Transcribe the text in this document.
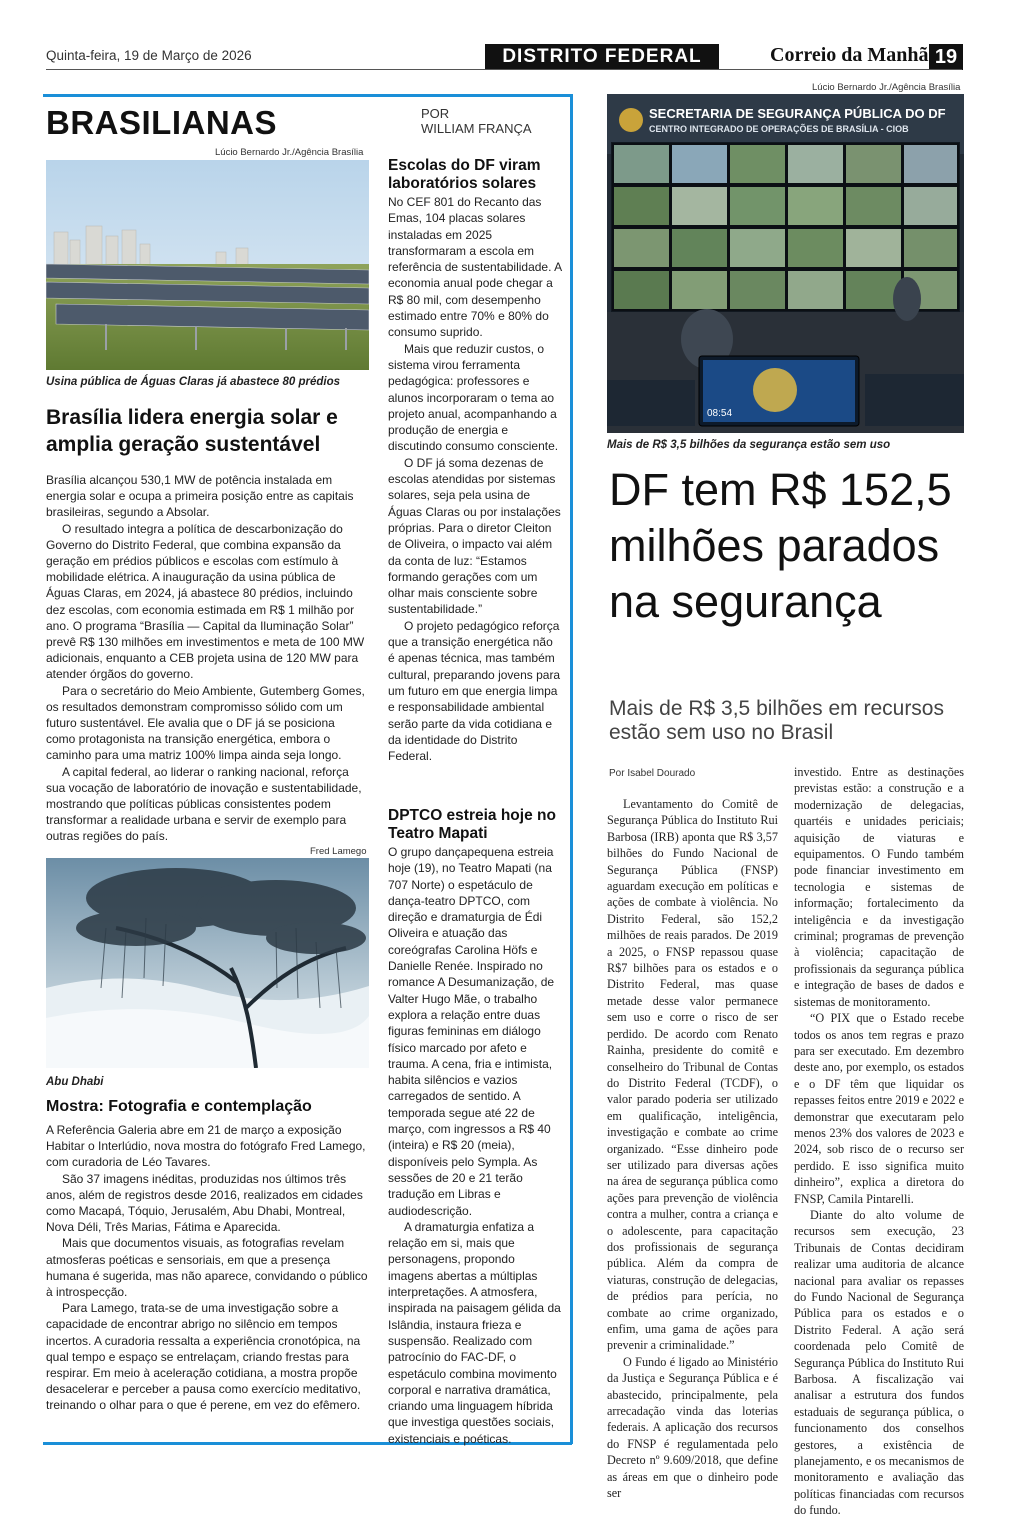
Quinta-feira, 19 de Março de 2026	DISTRITO FEDERAL	Correio da Manhã 19
BRASILIANAS	POR
WILLIAM FRANÇA
Lúcio Bernardo Jr./Agência Brasília
Usina pública de Águas Claras já abastece 80 prédios
Brasília lidera energia solar e amplia geração sustentável

Brasília alcançou 530,1 MW de potência instalada em energia solar e ocupa a primeira posição entre as capitais brasileiras, segundo a Absolar.

O resultado integra a política de descarbonização do Governo do Distrito Federal, que combina expansão da geração em prédios públicos e escolas com estímulo à mobilidade elétrica. A inauguração da usina pública de Águas Claras, em 2024, já abastece 80 prédios, incluindo dez escolas, com economia estimada em R$ 1 milhão por ano. O programa “Brasília — Capital da Iluminação Solar” prevê R$ 130 milhões em investimentos e meta de 100 MW adicionais, enquanto a CEB projeta usina de 120 MW para atender órgãos do governo.

Para o secretário do Meio Ambiente, Gutemberg Gomes, os resultados demonstram compromisso sólido com um futuro sustentável. Ele avalia que o DF já se posiciona como protagonista na transição energética, embora o caminho para uma matriz 100% limpa ainda seja longo.

A capital federal, ao liderar o ranking nacional, reforça sua vocação de laboratório de inovação e sustentabilidade, mostrando que políticas públicas consistentes podem transformar a realidade urbana e servir de exemplo para outras regiões do país.

Fred Lamego
Abu Dhabi
Mostra: Fotografia e contemplação

A Referência Galeria abre em 21 de março a exposição Habitar o Interlúdio, nova mostra do fotógrafo Fred Lamego, com curadoria de Léo Tavares.

São 37 imagens inéditas, produzidas nos últimos três anos, além de registros desde 2016, realizados em cidades como Macapá, Tóquio, Jerusalém, Abu Dhabi, Montreal, Nova Déli, Três Marias, Fátima e Aparecida.

Mais que documentos visuais, as fotografias revelam atmosferas poéticas e sensoriais, em que a presença humana é sugerida, mas não aparece, convidando o público à introspecção.

Para Lamego, trata-se de uma investigação sobre a capacidade de encontrar abrigo no silêncio em tempos incertos. A curadoria ressalta a experiência cronotópica, na qual tempo e espaço se entrelaçam, criando frestas para respirar. Em meio à aceleração cotidiana, a mostra propõe desacelerar e perceber a pausa como exercício meditativo, treinando o olhar para o que é perene, em vez do efêmero.

Escolas do DF viram laboratórios solares

No CEF 801 do Recanto das Emas, 104 placas solares instaladas em 2025 transformaram a escola em referência de sustentabilidade. A economia anual pode chegar a R$ 80 mil, com desempenho estimado entre 70% e 80% do consumo suprido.

Mais que reduzir custos, o sistema virou ferramenta pedagógica: professores e alunos incorporaram o tema ao projeto anual, acompanhando a produção de energia e discutindo consumo consciente.

O DF já soma dezenas de escolas atendidas por sistemas solares, seja pela usina de Águas Claras ou por instalações próprias. Para o diretor Cleiton de Oliveira, o impacto vai além da conta de luz: “Estamos formando gerações com um olhar mais consciente sobre sustentabilidade.”

O projeto pedagógico reforça que a transição energética não é apenas técnica, mas também cultural, preparando jovens para um futuro em que energia limpa e responsabilidade ambiental serão parte da vida cotidiana e da identidade do Distrito Federal.

DPTCO estreia hoje no Teatro Mapati

O grupo dançapequena estreia hoje (19), no Teatro Mapati (na 707 Norte) o espetáculo de dança-teatro DPTCO, com direção e dramaturgia de Édi Oliveira e atuação das coreógrafas Carolina Höfs e Danielle Renée. Inspirado no romance A Desumanização, de Valter Hugo Mãe, o trabalho explora a relação entre duas figuras femininas em diálogo físico marcado por afeto e trauma. A cena, fria e intimista, habita silêncios e vazios carregados de sentido. A temporada segue até 22 de março, com ingressos a R$ 40 (inteira) e R$ 20 (meia), disponíveis pelo Sympla. As sessões de 20 e 21 terão tradução em Libras e audiodescrição.

A dramaturgia enfatiza a relação em si, mais que personagens, propondo imagens abertas a múltiplas interpretações. A atmosfera, inspirada na paisagem gélida da Islândia, instaura frieza e suspensão. Realizado com patrocínio do FAC-DF, o espetáculo combina movimento corporal e narrativa dramática, criando uma linguagem híbrida que investiga questões sociais, existenciais e poéticas.

Lúcio Bernardo Jr./Agência Brasília
SECRETARIA DE SEGURANÇA PÚBLICA DO DF
CENTRO INTEGRADO DE OPERAÇÕES DE BRASÍLIA - CIOB
08:54
Mais de R$ 3,5 bilhões da segurança estão sem uso
DF tem R$ 152,5 milhões parados na segurança
Mais de R$ 3,5 bilhões em recursos estão sem uso no Brasil
Por Isabel Dourado

Levantamento do Comitê de Segurança Pública do Instituto Rui Barbosa (IRB) aponta que R$ 3,57 bilhões do Fundo Nacional de Segurança Pública (FNSP) aguardam execução em políticas e ações de combate à violência. No Distrito Federal, são 152,2 milhões de reais parados. De 2019 a 2025, o FNSP repassou quase R$7 bilhões para os estados e o Distrito Federal, mas quase metade desse valor permanece sem uso e corre o risco de ser perdido. De acordo com Renato Rainha, presidente do comitê e conselheiro do Tribunal de Contas do Distrito Federal (TCDF), o valor parado poderia ser utilizado em qualificação, inteligência, investigação e combate ao crime organizado. “Esse dinheiro pode ser utilizado para diversas ações na área de segurança pública como ações para prevenção de violência contra a mulher, contra a criança e o adolescente, para capacitação dos profissionais de segurança pública. Além da compra de viaturas, construção de delegacias, de prédios para perícia, no combate ao crime organizado, enfim, uma gama de ações para prevenir a criminalidade.”

O Fundo é ligado ao Ministério da Justiça e Segurança Pública e é abastecido, principalmente, pela arrecadação vinda das loterias federais. A aplicação dos recursos do FNSP é regulamentada pelo Decreto nº 9.609/2018, que define as áreas em que o dinheiro pode ser

investido. Entre as destinações previstas estão: a construção e a modernização de delegacias, quartéis e unidades periciais; aquisição de viaturas e equipamentos. O Fundo também pode financiar investimento em tecnologia e sistemas de informação; fortalecimento da inteligência e da investigação criminal; programas de prevenção à violência; capacitação de profissionais da segurança pública e integração de bases de dados e sistemas de monitoramento.

“O PIX que o Estado recebe todos os anos tem regras e prazo para ser executado. Em dezembro deste ano, por exemplo, os estados e o DF têm que liquidar os repasses feitos entre 2019 e 2022 e demonstrar que executaram pelo menos 23% dos valores de 2023 e 2024, sob risco de o recurso ser perdido. E isso significa muito dinheiro”, explica a diretora do FNSP, Camila Pintarelli.

Diante do alto volume de recursos sem execução, 23 Tribunais de Contas decidiram realizar uma auditoria de alcance nacional para avaliar os repasses do Fundo Nacional de Segurança Pública para os estados e o Distrito Federal. A ação será coordenada pelo Comitê de Segurança Pública do Instituto Rui Barbosa. A fiscalização vai analisar a estrutura dos fundos estaduais de segurança pública, o funcionamento dos conselhos gestores, a existência de planejamento, e os mecanismos de monitoramento e avaliação das políticas financiadas com recursos do fundo.
